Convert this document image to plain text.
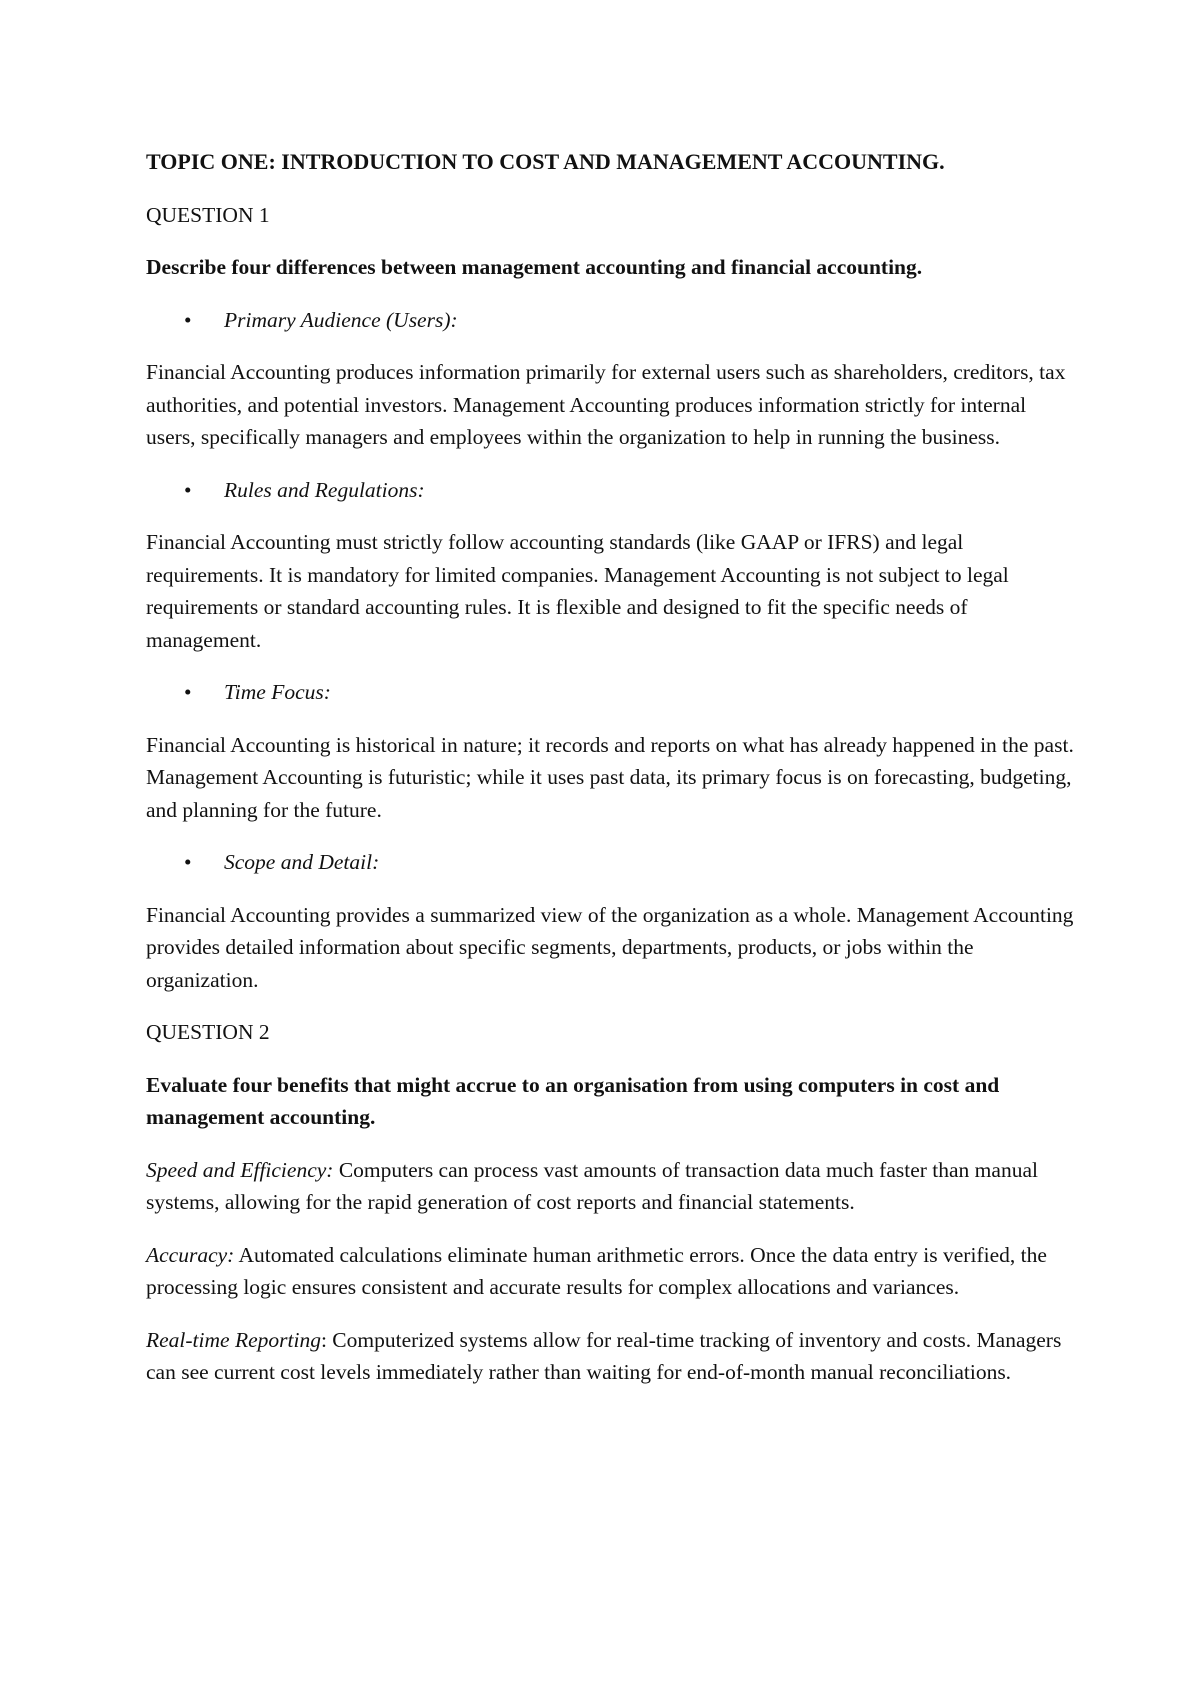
TOPIC ONE: INTRODUCTION TO COST AND MANAGEMENT ACCOUNTING.
QUESTION 1
Describe four differences between management accounting and financial accounting.
• Primary Audience (Users):
Financial Accounting produces information primarily for external users such as shareholders, creditors, tax authorities, and potential investors. Management Accounting produces information strictly for internal users, specifically managers and employees within the organization to help in running the business.
• Rules and Regulations:
Financial Accounting must strictly follow accounting standards (like GAAP or IFRS) and legal requirements. It is mandatory for limited companies. Management Accounting is not subject to legal requirements or standard accounting rules. It is flexible and designed to fit the specific needs of management.
• Time Focus:
Financial Accounting is historical in nature; it records and reports on what has already happened in the past. Management Accounting is futuristic; while it uses past data, its primary focus is on forecasting, budgeting, and planning for the future.
• Scope and Detail:
Financial Accounting provides a summarized view of the organization as a whole. Management Accounting provides detailed information about specific segments, departments, products, or jobs within the organization.
QUESTION 2
Evaluate four benefits that might accrue to an organisation from using computers in cost and management accounting.
Speed and Efficiency: Computers can process vast amounts of transaction data much faster than manual systems, allowing for the rapid generation of cost reports and financial statements.
Accuracy: Automated calculations eliminate human arithmetic errors. Once the data entry is verified, the processing logic ensures consistent and accurate results for complex allocations and variances.
Real-time Reporting: Computerized systems allow for real-time tracking of inventory and costs. Managers can see current cost levels immediately rather than waiting for end-of-month manual reconciliations.
